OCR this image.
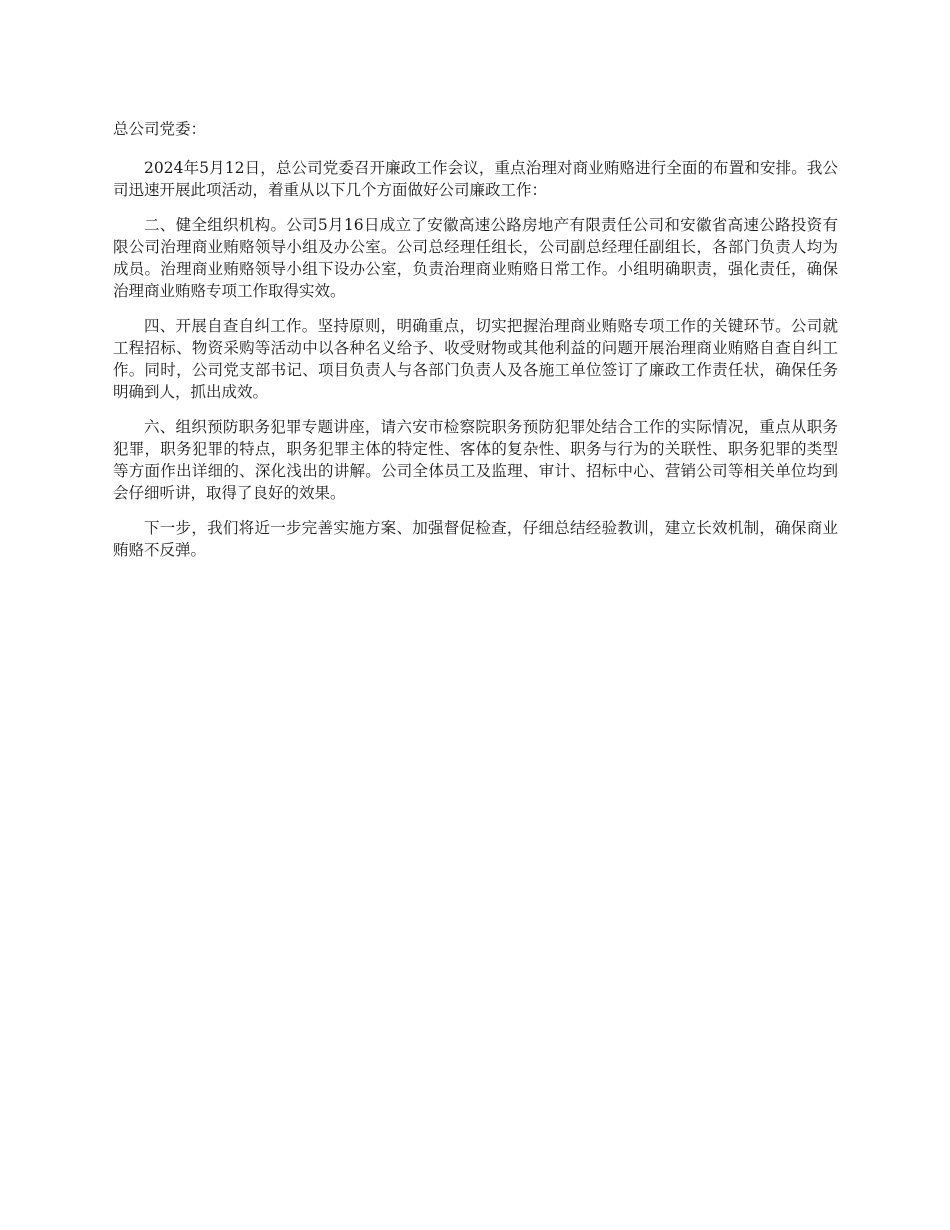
总公司党委：

2024年5月12日，总公司党委召开廉政工作会议，重点治理对商业贿赂进行全面的布置和安排。我公司迅速开展此项活动，着重从以下几个方面做好公司廉政工作：

二、健全组织机构。公司5月16日成立了安徽高速公路房地产有限责任公司和安徽省高速公路投资有限公司治理商业贿赂领导小组及办公室。公司总经理任组长，公司副总经理任副组长，各部门负责人均为成员。治理商业贿赂领导小组下设办公室，负责治理商业贿赂日常工作。小组明确职责，强化责任，确保治理商业贿赂专项工作取得实效。

四、开展自查自纠工作。坚持原则，明确重点，切实把握治理商业贿赂专项工作的关键环节。公司就工程招标、物资采购等活动中以各种名义给予、收受财物或其他利益的问题开展治理商业贿赂自查自纠工作。同时，公司党支部书记、项目负责人与各部门负责人及各施工单位签订了廉政工作责任状，确保任务明确到人，抓出成效。

六、组织预防职务犯罪专题讲座，请六安市检察院职务预防犯罪处结合工作的实际情况，重点从职务犯罪，职务犯罪的特点，职务犯罪主体的特定性、客体的复杂性、职务与行为的关联性、职务犯罪的类型等方面作出详细的、深化浅出的讲解。公司全体员工及监理、审计、招标中心、营销公司等相关单位均到会仔细听讲，取得了良好的效果。

下一步，我们将近一步完善实施方案、加强督促检查，仔细总结经验教训，建立长效机制，确保商业贿赂不反弹。
